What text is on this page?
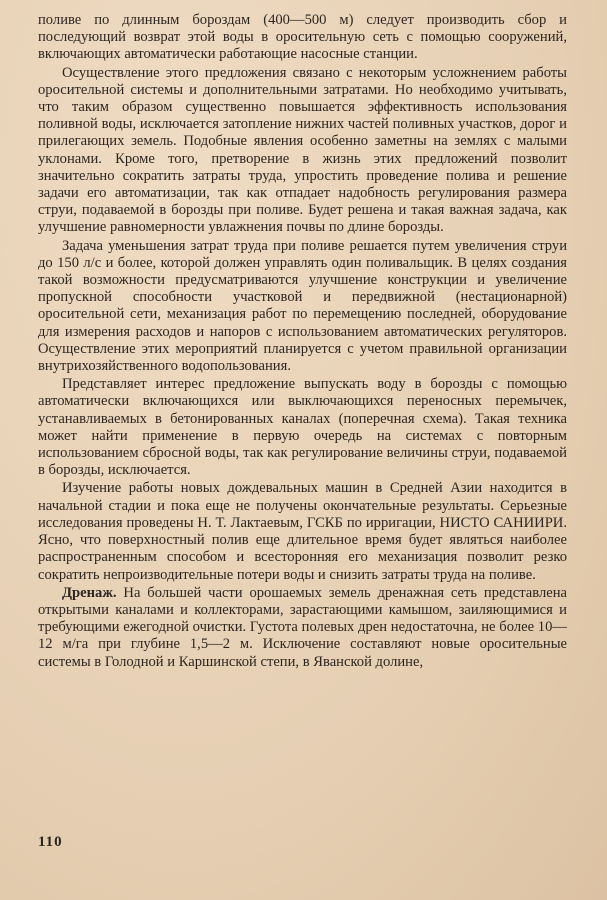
поливе по длинным бороздам (400—500 м) следует производить сбор и последующий возврат этой воды в оросительную сеть с помощью сооружений, включающих автоматически работающие насосные станции.

Осуществление этого предложения связано с некоторым усложнением работы оросительной системы и дополнительными затратами. Но необходимо учитывать, что таким образом существенно повышается эффективность использования поливной воды, исключается затопление нижних частей поливных участков, дорог и прилегающих земель. Подобные явления особенно заметны на землях с малыми уклонами. Кроме того, претворение в жизнь этих предложений позволит значительно сократить затраты труда, упростить проведение полива и решение задачи его автоматизации, так как отпадает надобность регулирования размера струи, подаваемой в борозды при поливе. Будет решена и такая важная задача, как улучшение равномерности увлажнения почвы по длине борозды.

Задача уменьшения затрат труда при поливе решается путем увеличения струи до 150 л/с и более, которой должен управлять один поливальщик. В целях создания такой возможности предусматриваются улучшение конструкции и увеличение пропускной способности участковой и передвижной (нестационарной) оросительной сети, механизация работ по перемещению последней, оборудование для измерения расходов и напоров с использованием автоматических регуляторов. Осуществление этих мероприятий планируется с учетом правильной организации внутрихозяйственного водопользования.

Представляет интерес предложение выпускать воду в борозды с помощью автоматически включающихся или выключающихся переносных перемычек, устанавливаемых в бетонированных каналах (поперечная схема). Такая техника может найти применение в первую очередь на системах с повторным использованием сбросной воды, так как регулирование величины струи, подаваемой в борозды, исключается.

Изучение работы новых дождевальных машин в Средней Азии находится в начальной стадии и пока еще не получены окончательные результаты. Серьезные исследования проведены Н. Т. Лактаевым, ГСКБ по ирригации, НИСТО САНИИРИ. Ясно, что поверхностный полив еще длительное время будет являться наиболее распространенным способом и всесторонняя его механизация позволит резко сократить непроизводительные потери воды и снизить затраты труда на поливе.

Дренаж. На большей части орошаемых земель дренажная сеть представлена открытыми каналами и коллекторами, зарастающими камышом, заиляющимися и требующими ежегодной очистки. Густота полевых дрен недостаточна, не более 10—12 м/га при глубине 1,5—2 м. Исключение составляют новые оросительные системы в Голодной и Каршинской степи, в Яванской долине,

110
